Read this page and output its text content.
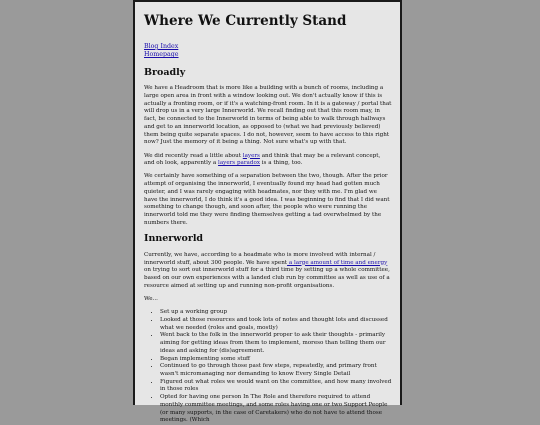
Where We Currently Stand
Blog Index
Homepage
Broadly

We have a Headroom that is more like a building with a bunch of rooms, including a large open area in front with a window looking out. We don't actually know if this is actually a fronting room, or if it's a watching-front room. In it is a gateway / portal that will drop us in a very large Innerworld. We recall finding out that this room may, in fact, be connected to the Innerworld in terms of being able to walk through hallways and get to an innerworld location, as opposed to (what we had previously believed) them being quite separate spaces. I do not, however, seem to have access to this right now? Just the memory of it being a thing. Not sure what's up with that.

We did recently read a little about layers and think that may be a relevant concept, and oh look, apparently a layers paradox is a thing, too.

We certainly have something of a separation between the two, though. After the prior attempt of organising the innerworld, I eventually found my head had gotten much quieter, and I was rarely engaging with headmates, nor they with me. I'm glad we have the innerworld, I do think it's a good idea. I was beginning to find that I did want something to change though, and soon after, the people who were running the innerworld told me they were finding themselves getting a tad overwhelmed by the numbers there.

Innerworld

Currently, we have, according to a headmate who is more involved with internal / innerworld stuff, about 300 people. We have spent a large amount of time and energy on trying to sort out innerworld stuff for a third time by setting up a whole committee, based on our own experiences with a landed club run by committee as well as use of a resource aimed at setting up and running non-profit organisations.

We...

• Set up a working group
• Looked at those resources and took lots of notes and thought lots and discussed what we needed (roles and goals, mostly)
• Went back to the folk in the innerworld proper to ask their thoughts - primarily aiming for getting ideas from them to implement, moreso than telling them our ideas and asking for (dis)agreement.
• Began implementing some stuff
• Continued to go through those past few steps, repeatedly, and primary front wasn't micromanaging nor demanding to know Every Single Detail
• Figured out what roles we would want on the committee, and how many involved in those roles
• Opted for having one person In The Role and therefore required to attend monthly committee meetings, and some roles having one or two Support People (or many supports, in the case of Caretakers) who do not have to attend those meetings. (Which
